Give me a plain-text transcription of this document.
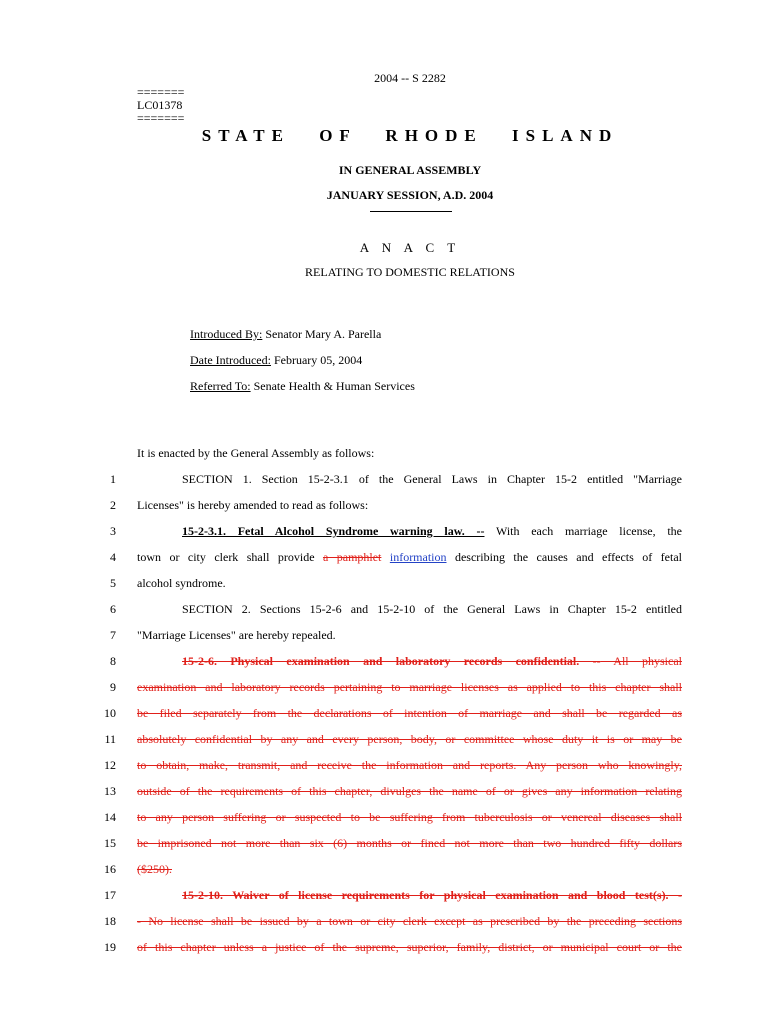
2004 -- S 2282
=======
LC01378
=======
STATE OF RHODE ISLAND
IN GENERAL ASSEMBLY
JANUARY SESSION, A.D. 2004
A N A C T
RELATING TO DOMESTIC RELATIONS
Introduced By: Senator Mary A. Parella
Date Introduced: February 05, 2004
Referred To: Senate Health & Human Services
It is enacted by the General Assembly as follows:
1	SECTION 1. Section 15-2-3.1 of the General Laws in Chapter 15-2 entitled "Marriage
2 Licenses" is hereby amended to read as follows:
3	15-2-3.1. Fetal Alcohol Syndrome warning law. -- With each marriage license, the
4 town or city clerk shall provide a pamphlet information describing the causes and effects of fetal
5 alcohol syndrome.
6	SECTION 2. Sections 15-2-6 and 15-2-10 of the General Laws in Chapter 15-2 entitled
7 "Marriage Licenses" are hereby repealed.
8	15-2-6. Physical examination and laboratory records confidential. -- All physical
9 examination and laboratory records pertaining to marriage licenses as applied to this chapter shall
10 be filed separately from the declarations of intention of marriage and shall be regarded as
11 absolutely confidential by any and every person, body, or committee whose duty it is or may be
12 to obtain, make, transmit, and receive the information and reports. Any person who knowingly,
13 outside of the requirements of this chapter, divulges the name of or gives any information relating
14 to any person suffering or suspected to be suffering from tuberculosis or venereal diseases shall
15 be imprisoned not more than six (6) months or fined not more than two hundred fifty dollars
16 ($250).
17	15-2-10. Waiver of license requirements for physical examination and blood test(s). -
18 - No license shall be issued by a town or city clerk except as prescribed by the preceding sections
19 of this chapter unless a justice of the supreme, superior, family, district, or municipal court or the
